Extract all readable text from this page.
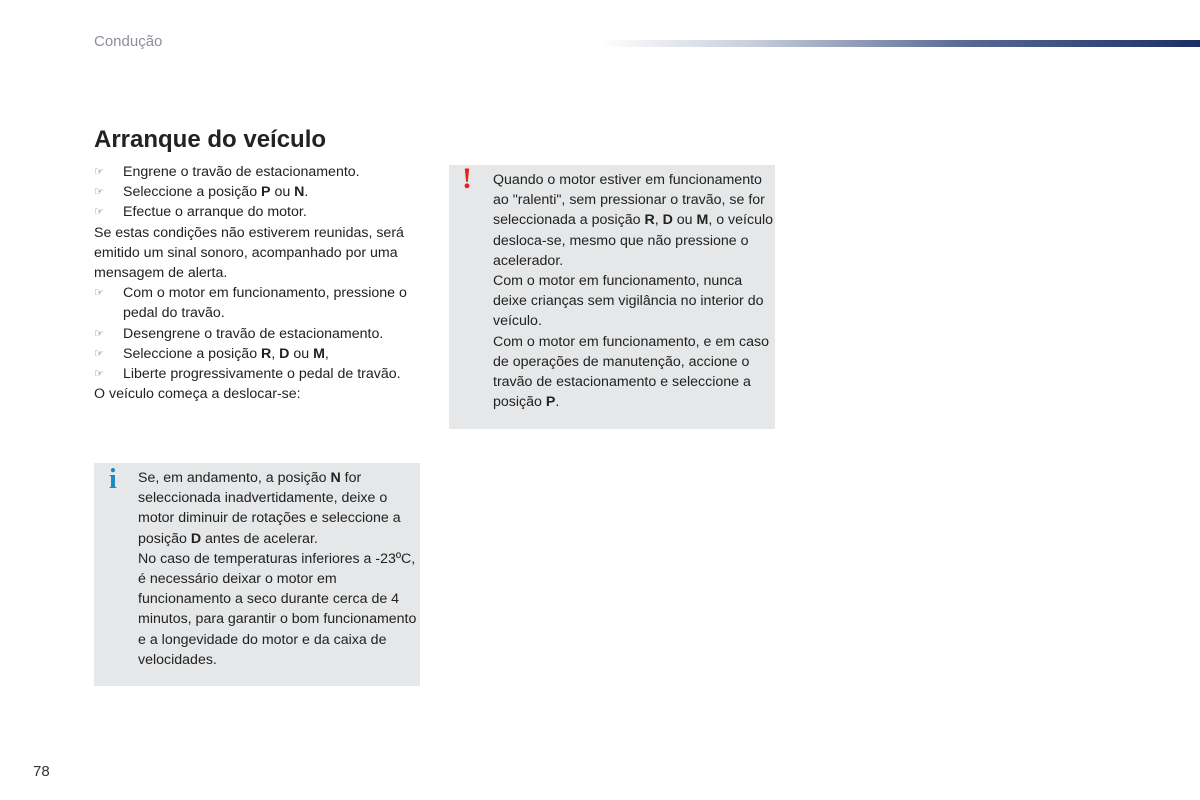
Condução
Arranque do veículo
☞ Engrene o travão de estacionamento.
☞ Seleccione a posição P ou N.
☞ Efectue o arranque do motor.

Se estas condições não estiverem reunidas, será emitido um sinal sonoro, acompanhado por uma mensagem de alerta.

☞ Com o motor em funcionamento, pressione o pedal do travão.
☞ Desengrene o travão de estacionamento.
☞ Seleccione a posição R, D ou M,
☞ Liberte progressivamente o pedal de travão.

O veículo começa a deslocar-se:

i Se, em andamento, a posição N for seleccionada inadvertidamente, deixe o motor diminuir de rotações e seleccione a posição D antes de acelerar.

No caso de temperaturas inferiores a -23ºC, é necessário deixar o motor em funcionamento a seco durante cerca de 4 minutos, para garantir o bom funcionamento e a longevidade do motor e da caixa de velocidades.

! Quando o motor estiver em funcionamento ao "ralenti", sem pressionar o travão, se for seleccionada a posição R, D ou M, o veículo desloca-se, mesmo que não pressione o acelerador.

Com o motor em funcionamento, nunca deixe crianças sem vigilância no interior do veículo.

Com o motor em funcionamento, e em caso de operações de manutenção, accione o travão de estacionamento e seleccione a posição P.

78
